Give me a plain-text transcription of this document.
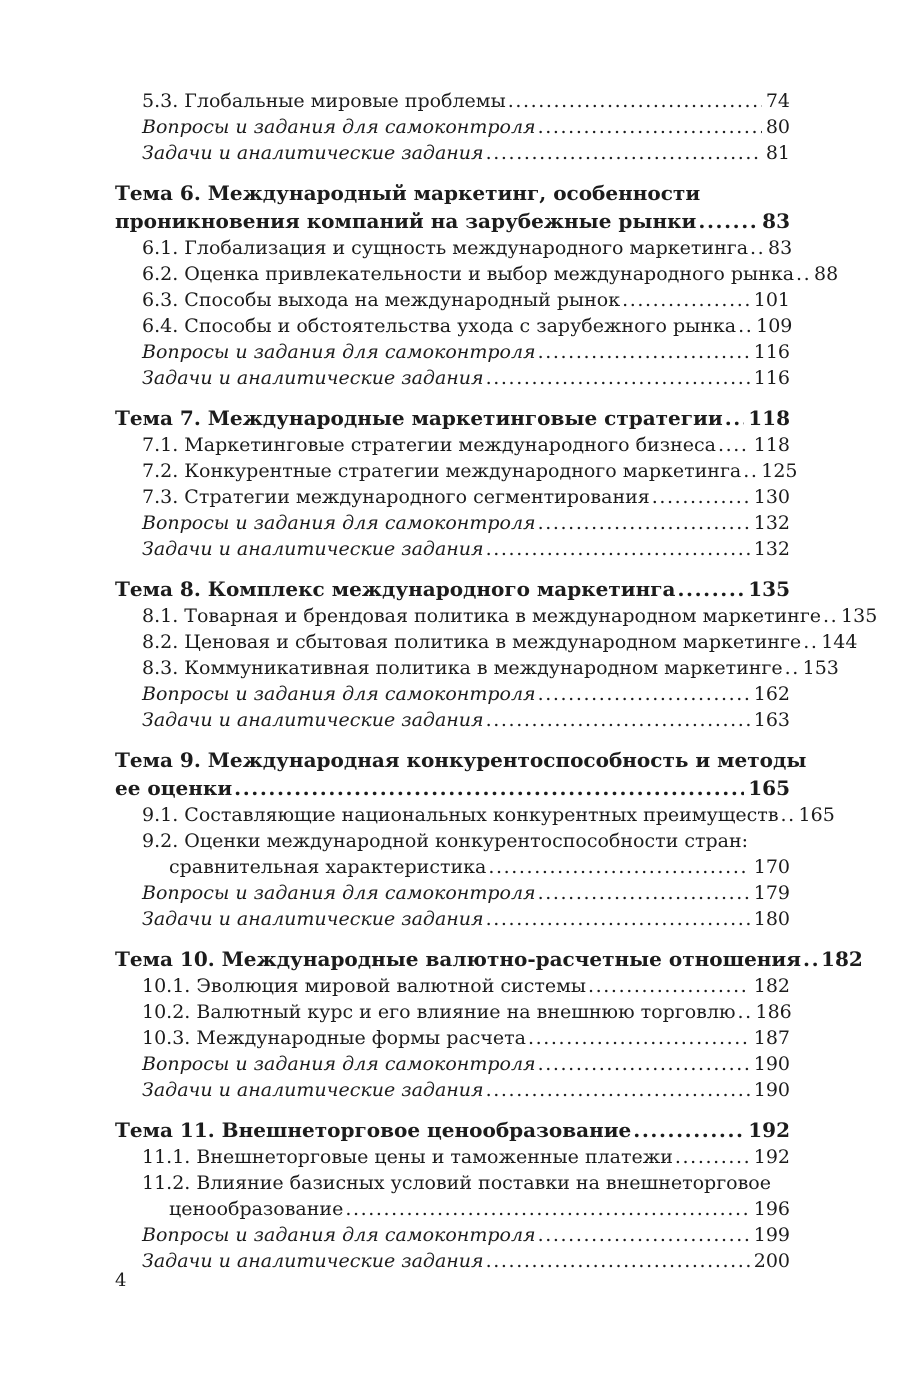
5.3. Глобальные мировые проблемы .....	74
Вопросы и задания для самоконтроля .....	80
Задачи и аналитические задания .....	81
Тема 6. Международный маркетинг, особенности
проникновения компаний на зарубежные рынки .....	83
6.1. Глобализация и сущность международного маркетинга ..... 83
6.2. Оценка привлекательности и выбор международного рынка ..... 88
6.3. Способы выхода на международный рынок .....	101
6.4. Способы и обстоятельства ухода с зарубежного рынка ..... 109
Вопросы и задания для самоконтроля .....	116
Задачи и аналитические задания .....	116
Тема 7. Международные маркетинговые стратегии ..... 118
7.1. Маркетинговые стратегии международного бизнеса ..... 118
7.2. Конкурентные стратегии международного маркетинга ..... 125
7.3. Стратегии международного сегментирования .....	130
Вопросы и задания для самоконтроля .....	132
Задачи и аналитические задания .....	132
Тема 8. Комплекс международного маркетинга .....	135
8.1. Товарная и брендовая политика в международном маркетинге ..... 135
8.2. Ценовая и сбытовая политика в международном маркетинге ..... 144
8.3. Коммуникативная политика в международном маркетинге ..... 153
Вопросы и задания для самоконтроля .....	162
Задачи и аналитические задания .....	163
Тема 9. Международная конкурентоспособность и методы
ее оценки .....	165
9.1. Составляющие национальных конкурентных преимуществ ..... 165
9.2. Оценки международной конкурентоспособности стран:
сравнительная характеристика .....	170
Вопросы и задания для самоконтроля .....	179
Задачи и аналитические задания .....	180
Тема 10. Международные валютно-расчетные отношения ..... 182
10.1. Эволюция мировой валютной системы .....	182
10.2. Валютный курс и его влияние на внешнюю торговлю ..... 186
10.3. Международные формы расчета .....	187
Вопросы и задания для самоконтроля .....	190
Задачи и аналитические задания .....	190
Тема 11. Внешнеторговое ценообразование .....	192
11.1. Внешнеторговые цены и таможенные платежи .....	192
11.2. Влияние базисных условий поставки на внешнеторговое
ценообразование .....	196
Вопросы и задания для самоконтроля .....	199
Задачи и аналитические задания .....	200
4
